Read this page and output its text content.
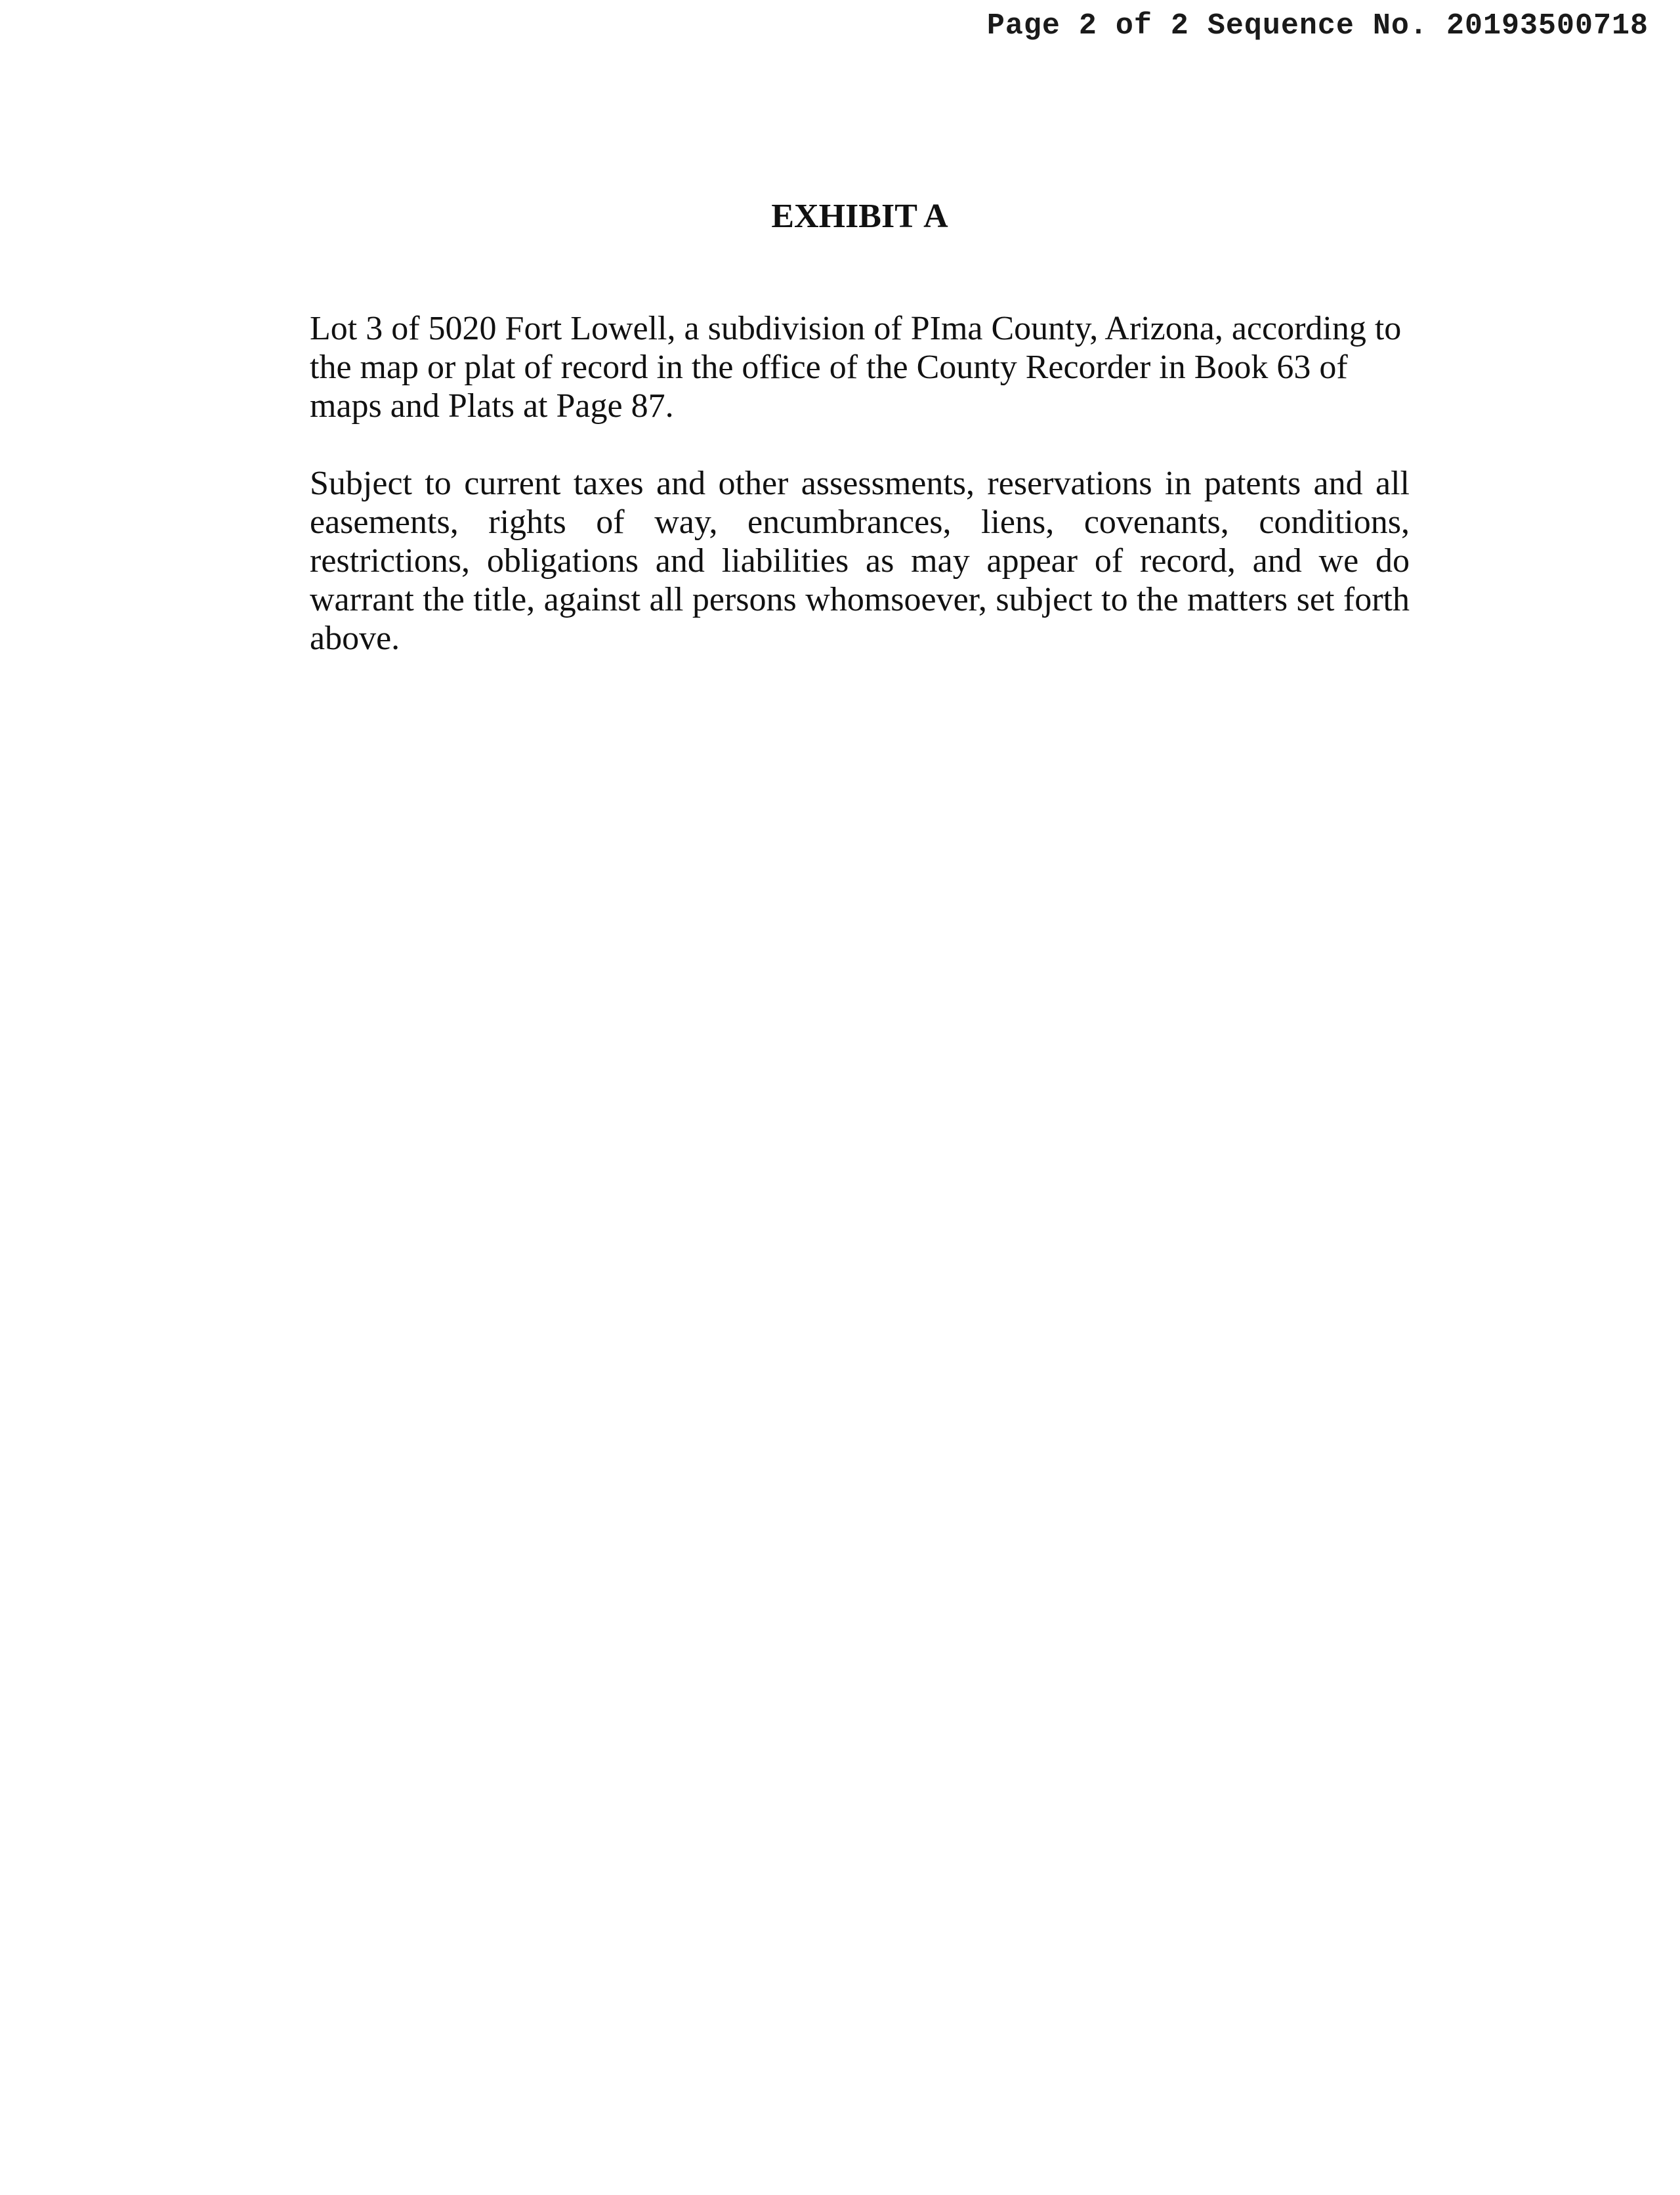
Page 2 of 2 Sequence No. 20193500718
EXHIBIT A

Lot 3 of 5020 Fort Lowell, a subdivision of PIma County, Arizona, according to the map or plat of record in the office of the County Recorder in Book 63 of maps and Plats at Page 87.

Subject to current taxes and other assessments, reservations in patents and all easements, rights of way, encumbrances, liens, covenants, conditions, restrictions, obligations and liabilities as may appear of record, and we do warrant the title, against all persons whomsoever, subject to the matters set forth above.
